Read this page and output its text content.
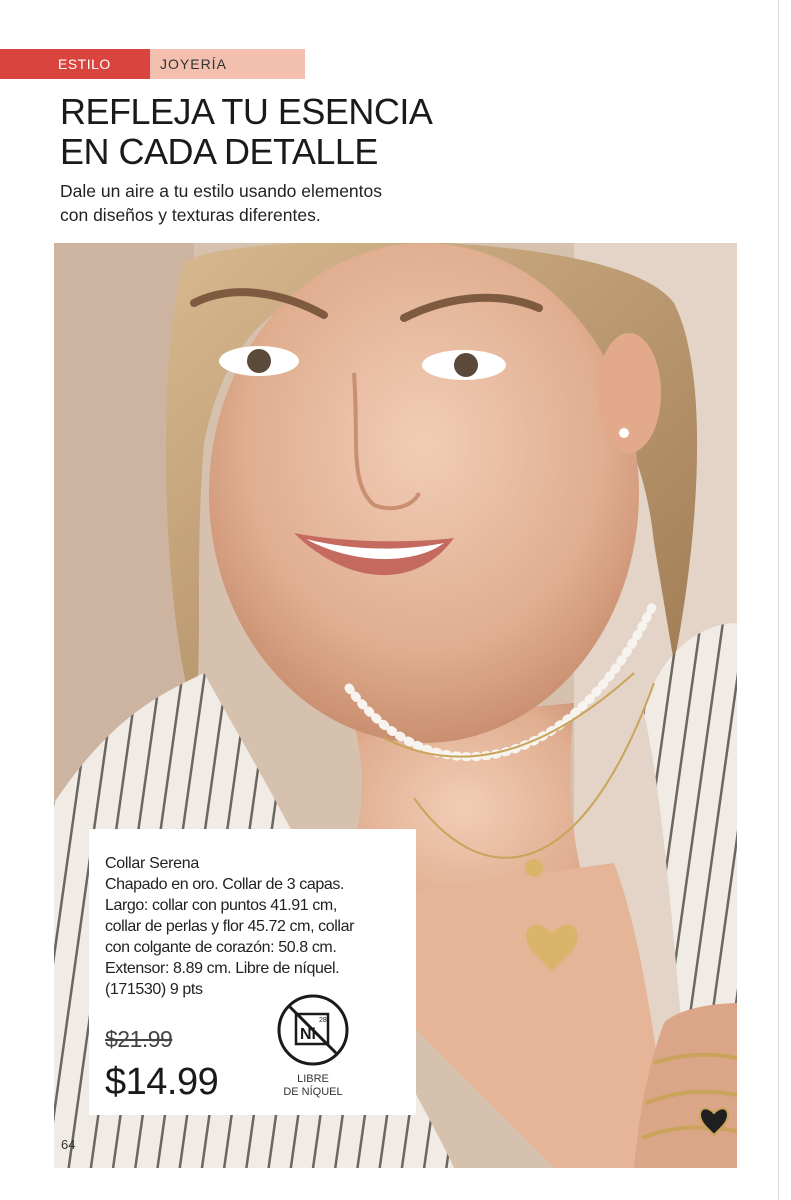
ESTILO	JOYERÍA
REFLEJA TU ESENCIA
EN CADA DETALLE

Dale un aire a tu estilo usando elementos
con diseños y texturas diferentes.

Collar Serena
Chapado en oro. Collar de 3 capas.
Largo: collar con puntos 41.91 cm,
collar de perlas y flor 45.72 cm, collar
con colgante de corazón: 50.8 cm.
Extensor: 8.89 cm. Libre de níquel.
(171530) 9 pts
$21.99
$14.99
28
Ni
LIBRE
DE NÍQUEL
64
